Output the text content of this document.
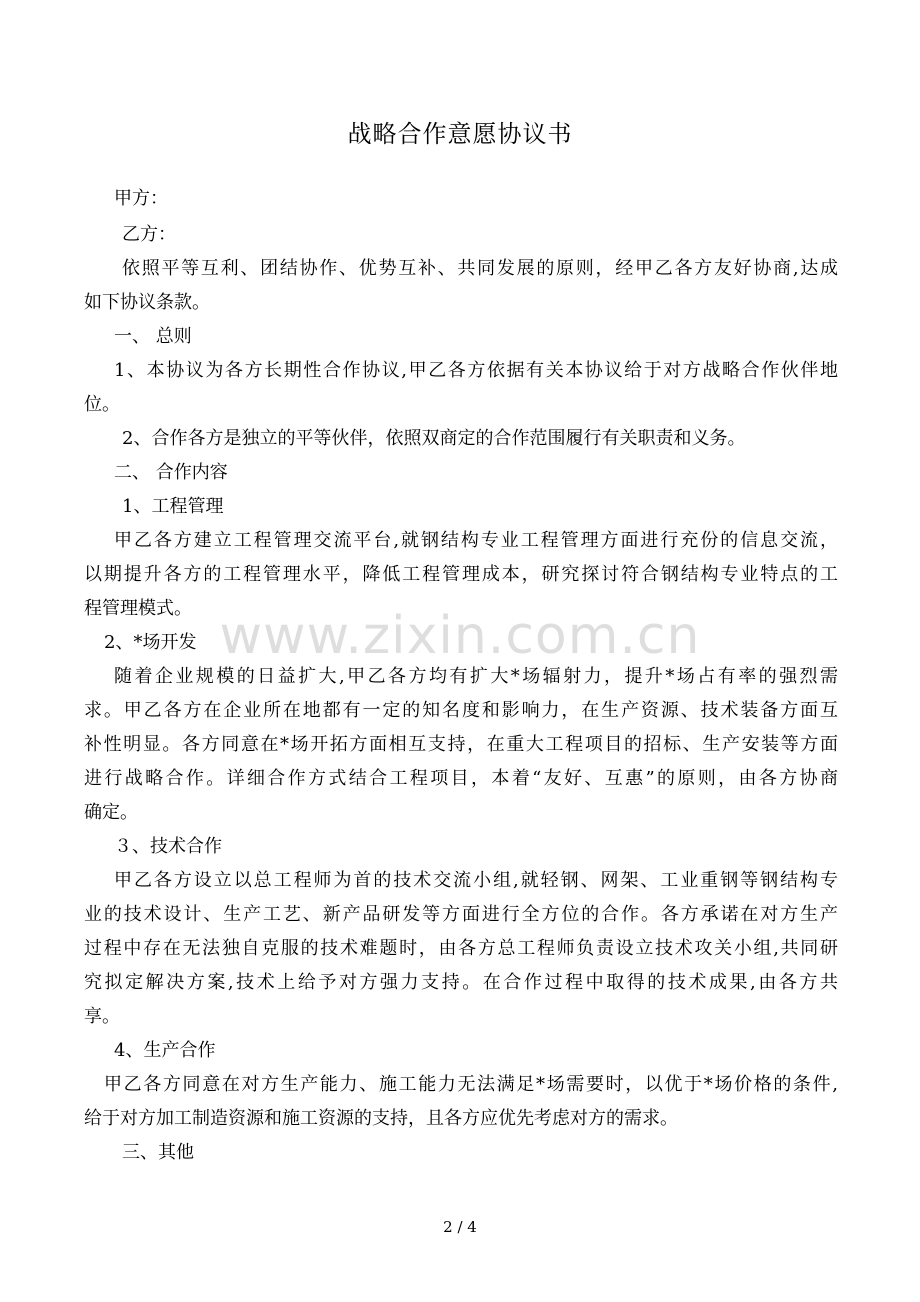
战略合作意愿协议书
甲方：
乙方：
依照平等互利、团结协作、优势互补、共同发展的原则，经甲乙各方友好协商,达成
如下协议条款。
一、 总则
1、本协议为各方长期性合作协议,甲乙各方依据有关本协议给于对方战略合作伙伴地
位。
2、合作各方是独立的平等伙伴，依照双商定的合作范围履行有关职责和义务。
二、 合作内容
1、工程管理
甲乙各方建立工程管理交流平台,就钢结构专业工程管理方面进行充份的信息交流，
以期提升各方的工程管理水平，降低工程管理成本，研究探讨符合钢结构专业特点的工
程管理模式。 www.zixin.com.cn
2、*场开发
随着企业规模的日益扩大,甲乙各方均有扩大*场辐射力，提升*场占有率的强烈需
求。甲乙各方在企业所在地都有一定的知名度和影响力，在生产资源、技术装备方面互
补性明显。各方同意在*场开拓方面相互支持，在重大工程项目的招标、生产安装等方面
进行战略合作。详细合作方式结合工程项目，本着“友好、互惠”的原则，由各方协商
确定。
３、技术合作
甲乙各方设立以总工程师为首的技术交流小组,就轻钢、网架、工业重钢等钢结构专
业的技术设计、生产工艺、新产品研发等方面进行全方位的合作。各方承诺在对方生产
过程中存在无法独自克服的技术难题时，由各方总工程师负责设立技术攻关小组,共同研
究拟定解决方案,技术上给予对方强力支持。在合作过程中取得的技术成果,由各方共
享。
4、生产合作
甲乙各方同意在对方生产能力、施工能力无法满足*场需要时，以优于*场价格的条件,
给于对方加工制造资源和施工资源的支持，且各方应优先考虑对方的需求。
三、其他
2 / 4
